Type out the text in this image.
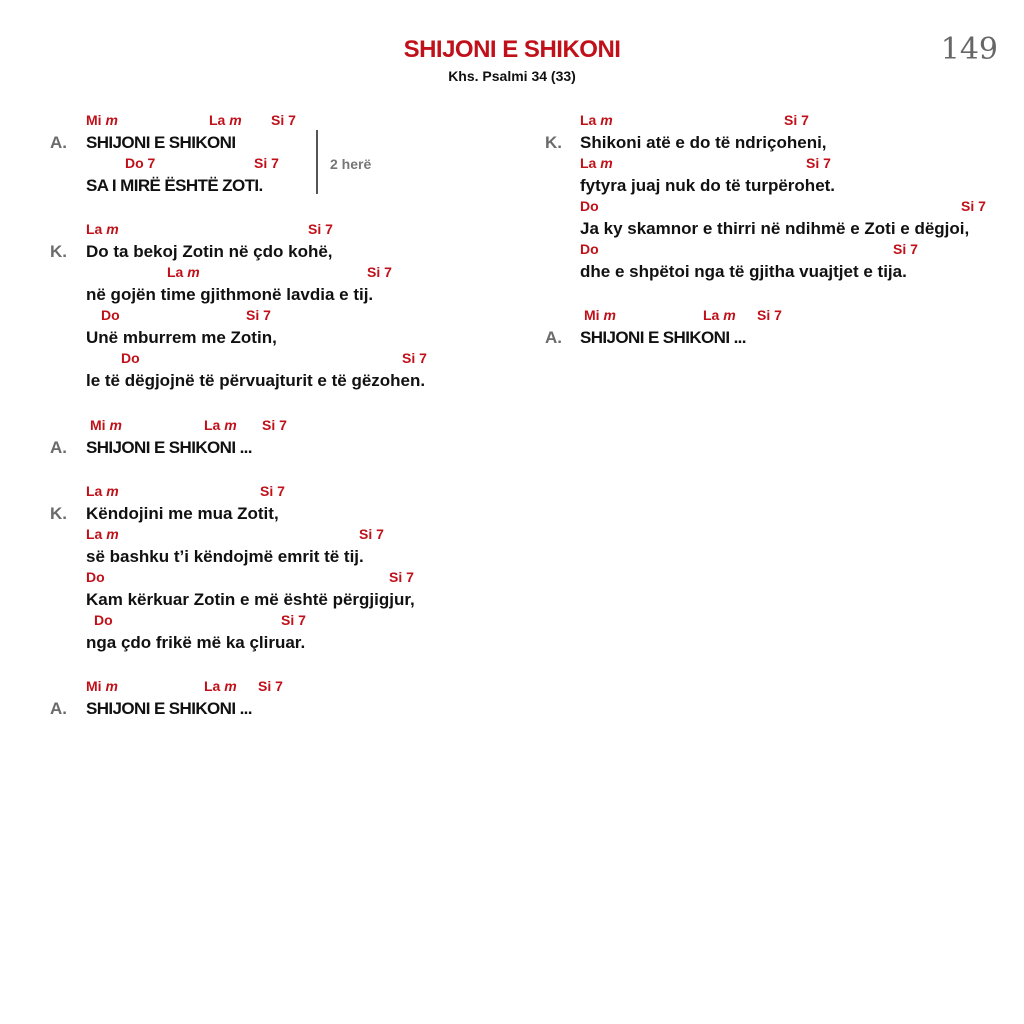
SHIJONI E SHIKONI
Khs. Psalmi 34 (33)
149
Mi m	La m Si 7
A. SHIJONI E SHIKONI
Do 7	Si 7
SA I MIRË ËSHTË ZOTI.
2 herë
La m	Si 7
K. Do ta bekoj Zotin në çdo kohë,
La m	Si 7
në gojën time gjithmonë lavdia e tij.
Do	Si 7
Unë mburrem me Zotin,
Do	Si 7
le të dëgjojnë të përvuajturit e të gëzohen.
Mi m	La m Si 7
A. SHIJONI E SHIKONI ...
La m	Si 7
K. Këndojini me mua Zotit,
La m	Si 7
së bashku t’i këndojmë emrit të tij.
Do	Si 7
Kam kërkuar Zotin e më është përgjigjur,
Do	Si 7
nga çdo frikë më ka çliruar.
Mi m	La m Si 7
A. SHIJONI E SHIKONI ...
La m	Si 7
K. Shikoni atë e do të ndriçoheni,
La m	Si 7
fytyra juaj nuk do të turpërohet.
Do	Si 7
Ja ky skamnor e thirri në ndihmë e Zoti e dëgjoi,
Do	Si 7
dhe e shpëtoi nga të gjitha vuajtjet e tija.
Mi m	La m Si 7
A. SHIJONI E SHIKONI ...
